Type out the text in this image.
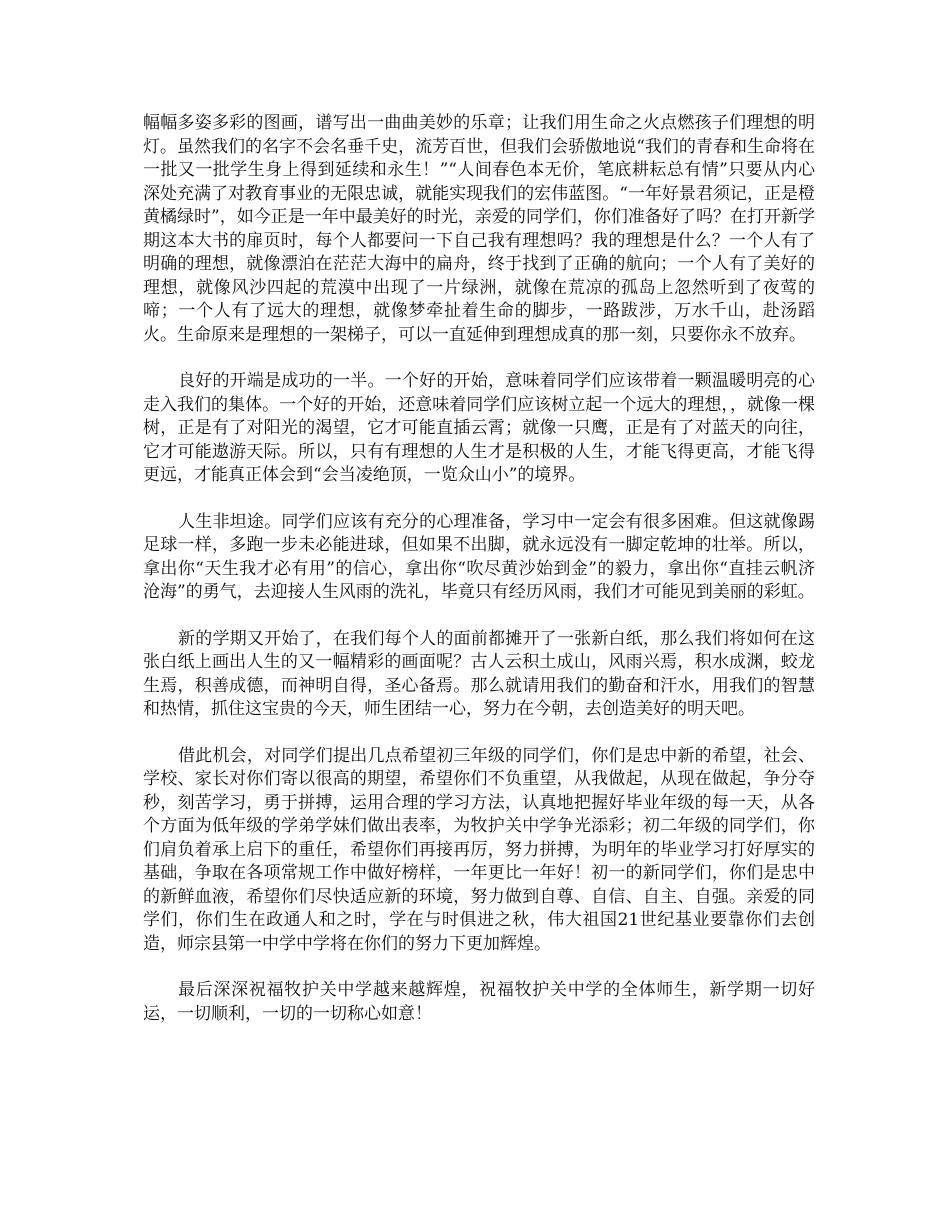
幅幅多姿多彩的图画，谱写出一曲曲美妙的乐章；让我们用生命之火点燃孩子们理想的明灯。虽然我们的名字不会名垂千史，流芳百世，但我们会骄傲地说“我们的青春和生命将在一批又一批学生身上得到延续和永生！”“人间春色本无价，笔底耕耘总有情”只要从内心深处充满了对教育事业的无限忠诚，就能实现我们的宏伟蓝图。“一年好景君须记，正是橙黄橘绿时”，如今正是一年中最美好的时光，亲爱的同学们，你们准备好了吗？在打开新学期这本大书的扉页时，每个人都要问一下自己我有理想吗？我的理想是什么？一个人有了明确的理想，就像漂泊在茫茫大海中的扁舟，终于找到了正确的航向；一个人有了美好的理想，就像风沙四起的荒漠中出现了一片绿洲，就像在荒凉的孤岛上忽然听到了夜莺的啼；一个人有了远大的理想，就像梦牵扯着生命的脚步，一路跋涉，万水千山，赴汤蹈火。生命原来是理想的一架梯子，可以一直延伸到理想成真的那一刻，只要你永不放弃。

良好的开端是成功的一半。一个好的开始，意味着同学们应该带着一颗温暖明亮的心走入我们的集体。一个好的开始，还意味着同学们应该树立起一个远大的理想，，就像一棵树，正是有了对阳光的渴望，它才可能直插云霄；就像一只鹰，正是有了对蓝天的向往，它才可能遨游天际。所以，只有有理想的人生才是积极的人生，才能飞得更高，才能飞得更远，才能真正体会到“会当凌绝顶，一览众山小”的境界。

人生非坦途。同学们应该有充分的心理准备，学习中一定会有很多困难。但这就像踢足球一样，多跑一步未必能进球，但如果不出脚，就永远没有一脚定乾坤的壮举。所以，拿出你“天生我才必有用”的信心，拿出你“吹尽黄沙始到金”的毅力，拿出你“直挂云帆济沧海”的勇气，去迎接人生风雨的洗礼，毕竟只有经历风雨，我们才可能见到美丽的彩虹。

新的学期又开始了，在我们每个人的面前都摊开了一张新白纸，那么我们将如何在这张白纸上画出人生的又一幅精彩的画面呢？古人云积土成山，风雨兴焉，积水成渊，蛟龙生焉，积善成德，而神明自得，圣心备焉。那么就请用我们的勤奋和汗水，用我们的智慧和热情，抓住这宝贵的今天，师生团结一心，努力在今朝，去创造美好的明天吧。

借此机会，对同学们提出几点希望初三年级的同学们，你们是忠中新的希望，社会、学校、家长对你们寄以很高的期望，希望你们不负重望，从我做起，从现在做起，争分夺秒，刻苦学习，勇于拼搏，运用合理的学习方法，认真地把握好毕业年级的每一天，从各个方面为低年级的学弟学妹们做出表率，为牧护关中学争光添彩；初二年级的同学们，你们肩负着承上启下的重任，希望你们再接再厉，努力拼搏，为明年的毕业学习打好厚实的基础，争取在各项常规工作中做好榜样，一年更比一年好！初一的新同学们，你们是忠中的新鲜血液，希望你们尽快适应新的环境，努力做到自尊、自信、自主、自强。亲爱的同学们，你们生在政通人和之时，学在与时俱进之秋，伟大祖国21世纪基业要靠你们去创造，师宗县第一中学中学将在你们的努力下更加辉煌。

最后深深祝福牧护关中学越来越辉煌，祝福牧护关中学的全体师生，新学期一切好运，一切顺利，一切的一切称心如意！
